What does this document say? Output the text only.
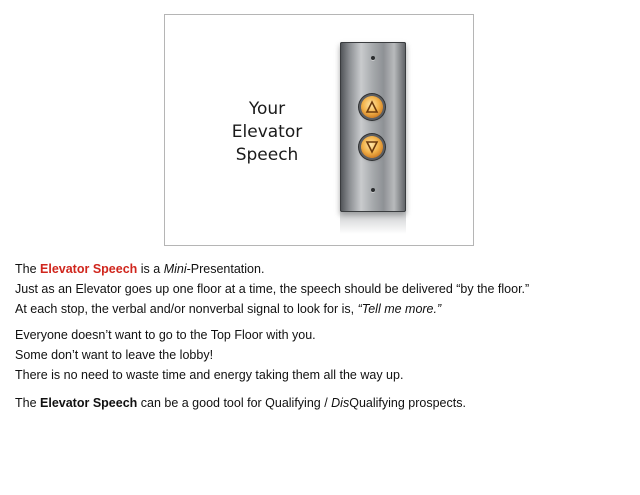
Your
Elevator
Speech
The Elevator Speech is a Mini-Presentation.
Just as an Elevator goes up one floor at a time, the speech should be delivered “by the floor.”
At each stop, the verbal and/or nonverbal signal to look for is, “Tell me more.”
Everyone doesn’t want to go to the Top Floor with you.
Some don’t want to leave the lobby!
There is no need to waste time and energy taking them all the way up.
The Elevator Speech can be a good tool for Qualifying / DisQualifying prospects.
